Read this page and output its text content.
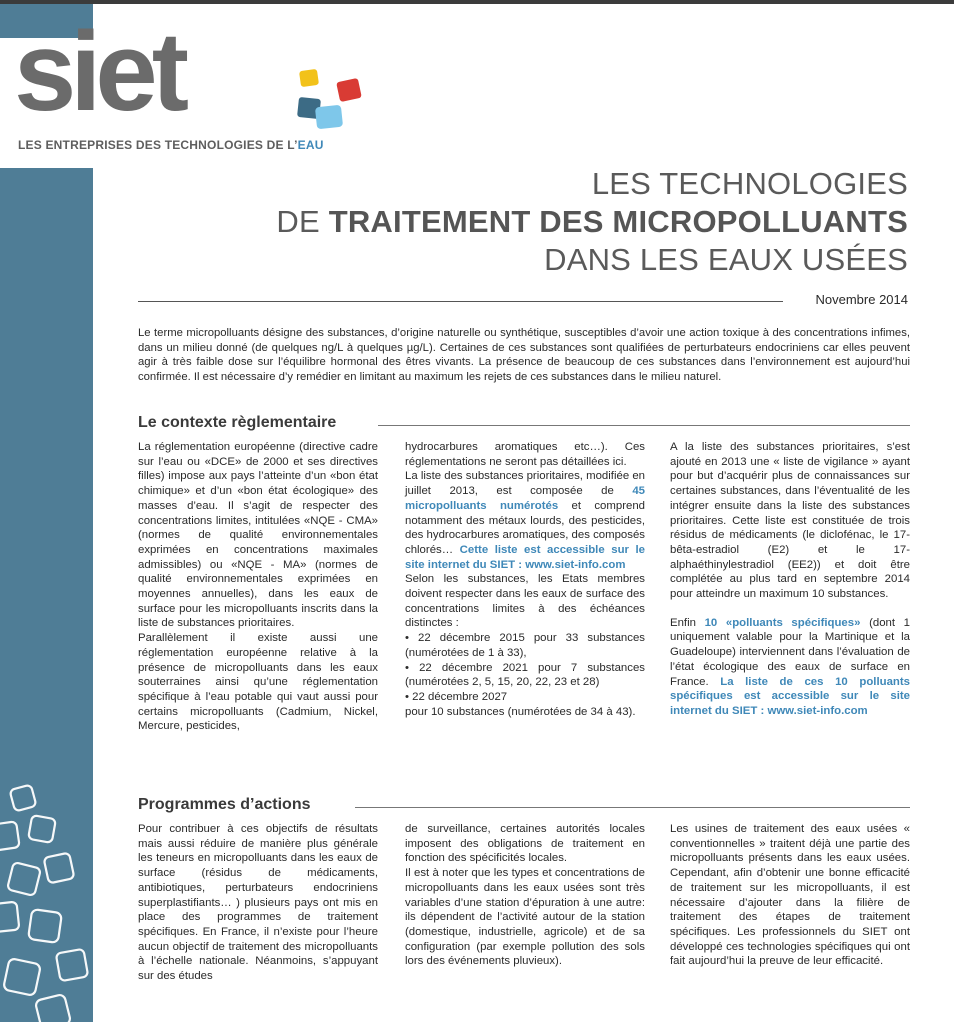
siet
LES ENTREPRISES DES TECHNOLOGIES DE L’EAU
LES TECHNOLOGIES
DE TRAITEMENT DES MICROPOLLUANTS
DANS LES EAUX USÉES
Novembre 2014
Le terme micropolluants désigne des substances, d’origine naturelle ou synthétique, susceptibles d’avoir une action toxique à des concentrations infimes, dans un milieu donné (de quelques ng/L à quelques µg/L). Certaines de ces substances sont qualifiées de perturbateurs endocriniens car elles peuvent agir à très faible dose sur l’équilibre hormonal des êtres vivants. La présence de beaucoup de ces substances dans l’environnement est aujourd’hui confirmée. Il est nécessaire d’y remédier en limitant au maximum les rejets de ces substances dans le milieu naturel.
Le contexte règlementaire

La réglementation européenne (directive cadre sur l’eau ou «DCE» de 2000 et ses directives filles) impose aux pays l’atteinte d’un «bon état chimique» et d’un «bon état écologique» des masses d’eau. Il s’agit de respecter des concentrations limites, intitulées «NQE - CMA» (normes de qualité environnementales exprimées en concentrations maximales admissibles) ou «NQE - MA» (normes de qualité environnementales exprimées en moyennes annuelles), dans les eaux de surface pour les micropolluants inscrits dans la liste de substances prioritaires.

Parallèlement il existe aussi une réglementation européenne relative à la présence de micropolluants dans les eaux souterraines ainsi qu’une réglementation spécifique à l’eau potable qui vaut aussi pour certains micropolluants (Cadmium, Nickel, Mercure, pesticides,

hydrocarbures aromatiques etc…). Ces réglementations ne seront pas détaillées ici.

La liste des substances prioritaires, modifiée en juillet 2013, est composée de 45 micropolluants numérotés et comprend notamment des métaux lourds, des pesticides, des hydrocarbures aromatiques, des composés chlorés… Cette liste est accessible sur le site internet du SIET : www.siet-info.com

Selon les substances, les Etats membres doivent respecter dans les eaux de surface des concentrations limites à des échéances distinctes :

• 22 décembre 2015 pour 33 substances (numérotées de 1 à 33),

• 22 décembre 2021 pour 7 substances (numérotées 2, 5, 15, 20, 22, 23 et 28)

• 22 décembre 2027

pour 10 substances (numérotées de 34 à 43).

A la liste des substances prioritaires, s’est ajouté en 2013 une « liste de vigilance » ayant pour but d’acquérir plus de connaissances sur certaines substances, dans l’éventualité de les intégrer ensuite dans la liste des substances prioritaires. Cette liste est constituée de trois résidus de médicaments (le diclofénac, le 17-bêta-estradiol (E2) et le 17-alphaéthinylestradiol (EE2)) et doit être complétée au plus tard en septembre 2014 pour atteindre un maximum 10 substances.

Enfin 10 «polluants spécifiques» (dont 1 uniquement valable pour la Martinique et la Guadeloupe) interviennent dans l’évaluation de l’état écologique des eaux de surface en France. La liste de ces 10 polluants spécifiques est accessible sur le site internet du SIET : www.siet-info.com

Programmes d’actions

Pour contribuer à ces objectifs de résultats mais aussi réduire de manière plus générale les teneurs en micropolluants dans les eaux de surface (résidus de médicaments, antibiotiques, perturbateurs endocriniens superplastifiants… ) plusieurs pays ont mis en place des programmes de traitement spécifiques. En France, il n’existe pour l’heure aucun objectif de traitement des micropolluants à l’échelle nationale. Néanmoins, s’appuyant sur des études

de surveillance, certaines autorités locales imposent des obligations de traitement en fonction des spécificités locales.

Il est à noter que les types et concentrations de micropolluants dans les eaux usées sont très variables d’une station d’épuration à une autre: ils dépendent de l’activité autour de la station (domestique, industrielle, agricole) et de sa configuration (par exemple pollution des sols lors des événements pluvieux).

Les usines de traitement des eaux usées « conventionnelles » traitent déjà une partie des micropolluants présents dans les eaux usées. Cependant, afin d’obtenir une bonne efficacité de traitement sur les micropolluants, il est nécessaire d’ajouter dans la filière de traitement des étapes de traitement spécifiques. Les professionnels du SIET ont développé ces technologies spécifiques qui ont fait aujourd’hui la preuve de leur efficacité.
